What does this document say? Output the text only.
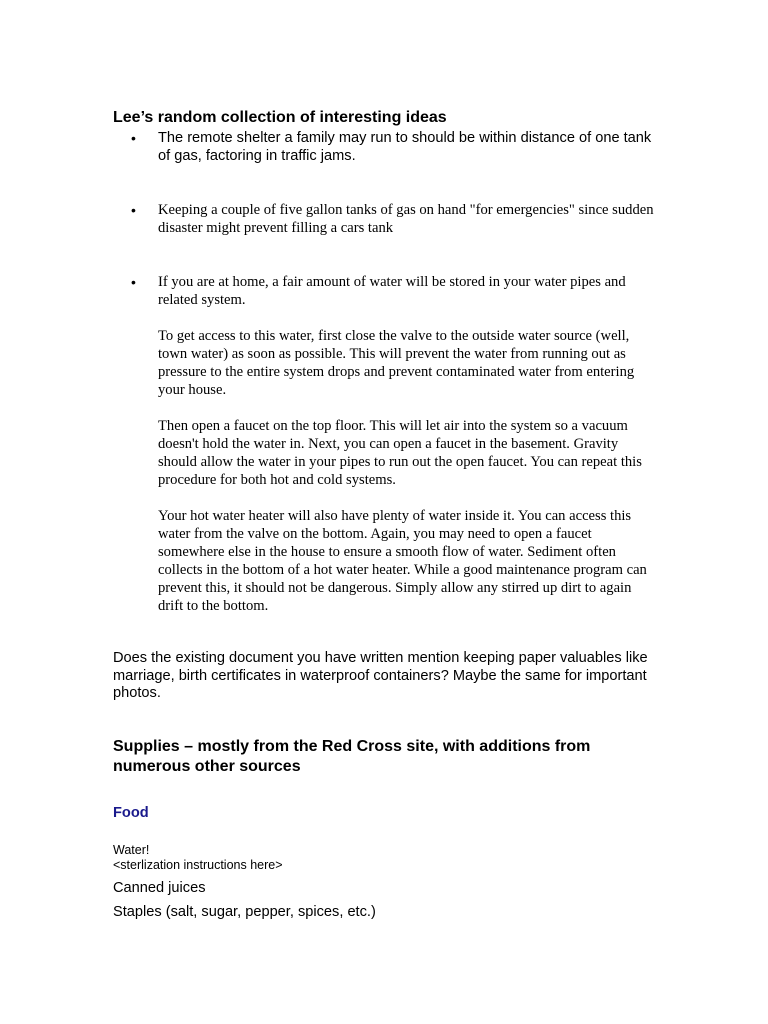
Lee’s random collection of interesting ideas
• The remote shelter a family may run to should be within distance of one tank of gas, factoring in traffic jams.
• Keeping a couple of five gallon tanks of gas on hand "for emergencies" since sudden disaster might prevent filling a cars tank
• If you are at home, a fair amount of water will be stored in your water pipes and related system.

To get access to this water, first close the valve to the outside water source (well, town water) as soon as possible. This will prevent the water from running out as pressure to the entire system drops and prevent contaminated water from entering your house.

Then open a faucet on the top floor. This will let air into the system so a vacuum doesn't hold the water in. Next, you can open a faucet in the basement. Gravity should allow the water in your pipes to run out the open faucet. You can repeat this procedure for both hot and cold systems.

Your hot water heater will also have plenty of water inside it. You can access this water from the valve on the bottom. Again, you may need to open a faucet somewhere else in the house to ensure a smooth flow of water. Sediment often collects in the bottom of a hot water heater. While a good maintenance program can prevent this, it should not be dangerous. Simply allow any stirred up dirt to again drift to the bottom.

Does the existing document you have written mention keeping paper valuables like marriage, birth certificates in waterproof containers? Maybe the same for important photos.

Supplies – mostly from the Red Cross site, with additions from numerous other sources
Food

Water!

<sterlization instructions here>

Canned juices

Staples (salt, sugar, pepper, spices, etc.)
